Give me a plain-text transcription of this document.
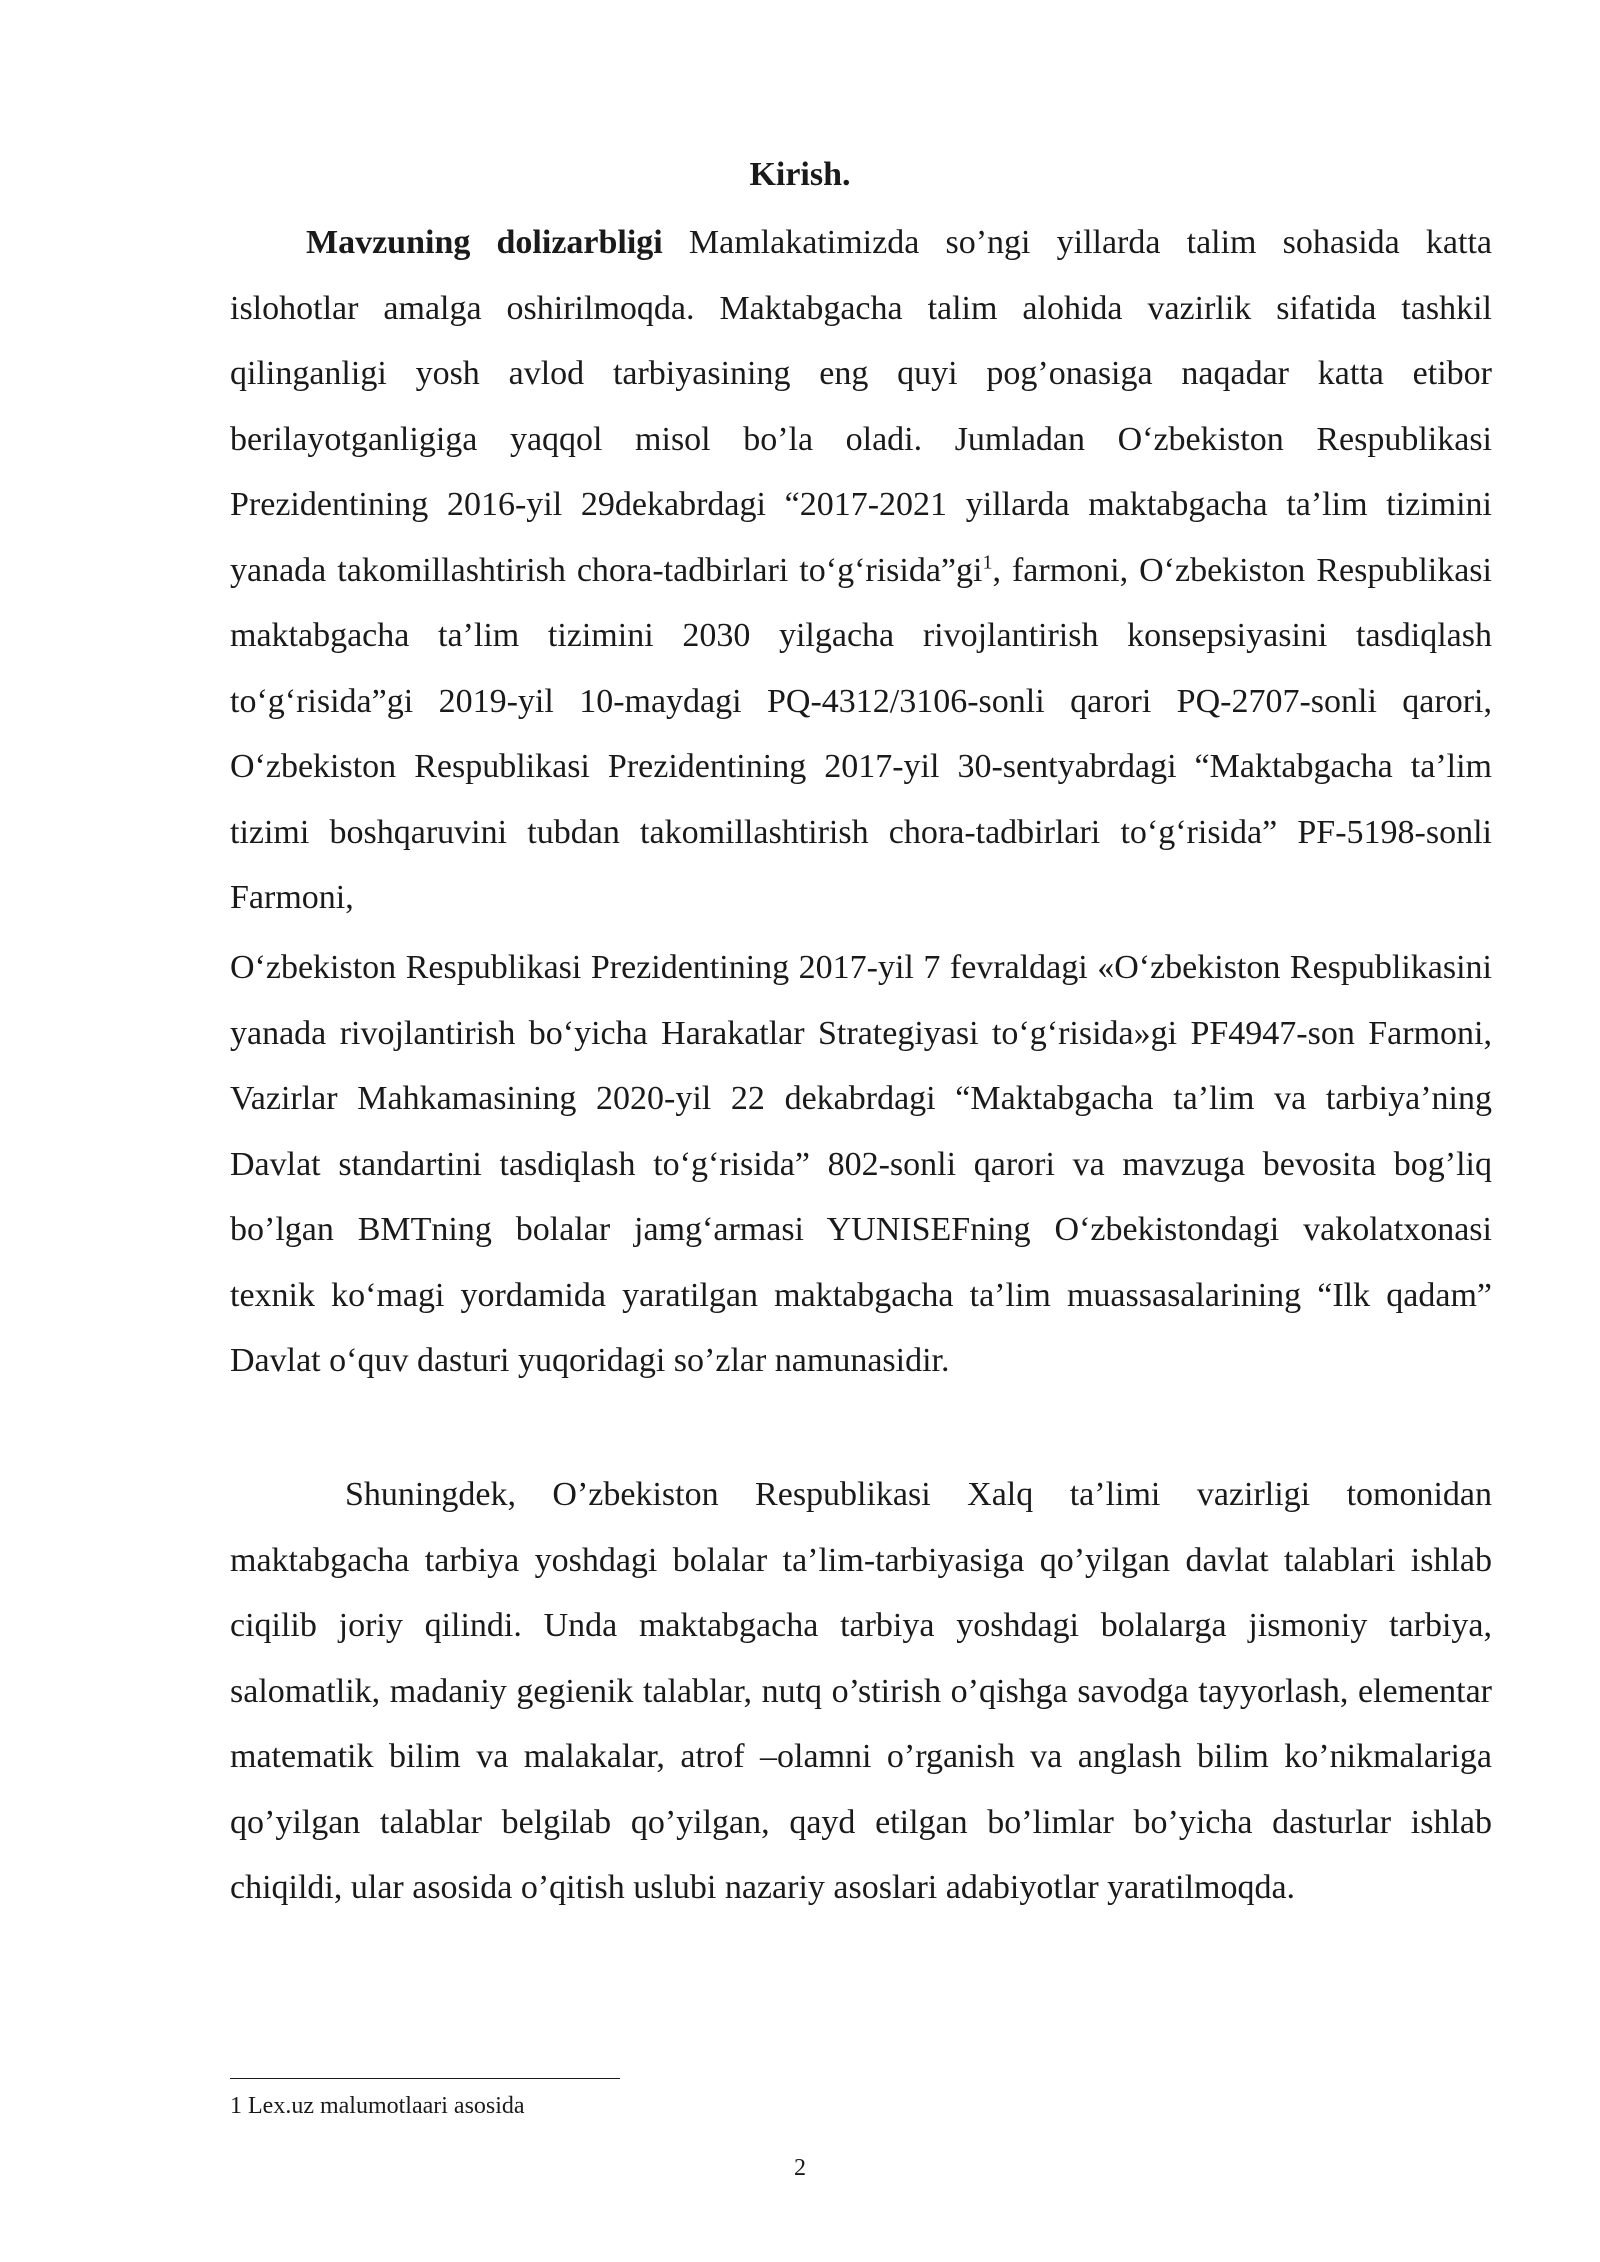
Kirish.

Mavzuning dolizarbligi Mamlakatimizda so’ngi yillarda talim sohasida katta islohotlar amalga oshirilmoqda. Maktabgacha talim alohida vazirlik sifatida tashkil qilinganligi yosh avlod tarbiyasining eng quyi pog’onasiga naqadar katta etibor berilayotganligiga yaqqol misol bo’la oladi. Jumladan O‘zbekiston Respublikasi Prezidentining 2016-yil 29dekabrdagi “2017-2021 yillarda maktabgacha ta’lim tizimini yanada takomillashtirish chora-tadbirlari $to‘g‘risida”gi^1$, farmoni, O‘zbekiston Respublikasi maktabgacha ta’lim tizimini 2030 yilgacha rivojlantirish konsepsiyasini tasdiqlash to‘g‘risida”gi 2019-yil 10-maydagi PQ-4312/3106-sonli qarori PQ-2707-sonli qarori, O‘zbekiston Respublikasi Prezidentining 2017-yil 30-sentyabrdagi “Maktabgacha ta’lim tizimi boshqaruvini tubdan takomillashtirish chora-tadbirlari to‘g‘risida” PF-5198-sonli Farmoni,

O‘zbekiston Respublikasi Prezidentining 2017-yil 7 fevraldagi «O‘zbekiston Respublikasini yanada rivojlantirish bo‘yicha Harakatlar Strategiyasi to‘g‘risida»gi PF4947-son Farmoni, Vazirlar Mahkamasining 2020-yil 22 dekabrdagi “Maktabgacha ta’lim va tarbiya’ning Davlat standartini tasdiqlash to‘g‘risida” 802-sonli qarori va mavzuga bevosita bog’liq bo’lgan BMTning bolalar jamg‘armasi YUNISEFning O‘zbekistondagi vakolatxonasi texnik ko‘magi yordamida yaratilgan maktabgacha ta’lim muassasalarining “Ilk qadam” Davlat o‘quv dasturi yuqoridagi so’zlar namunasidir.

Shuningdek, O’zbekiston Respublikasi Xalq ta’limi vazirligi tomonidan maktabgacha tarbiya yoshdagi bolalar ta’lim-tarbiyasiga qo’yilgan davlat talablari ishlab ciqilib joriy qilindi. Unda maktabgacha tarbiya yoshdagi bolalarga jismoniy tarbiya, salomatlik, madaniy gegienik talablar, nutq o’stirish o’qishga savodga tayyorlash, elementar matematik bilim va malakalar, atrof –olamni o’rganish va anglash bilim ko’nikmalariga qo’yilgan talablar belgilab qo’yilgan, qayd etilgan bo’limlar bo’yicha dasturlar ishlab chiqildi, ular asosida o’qitish uslubi nazariy asoslari adabiyotlar yaratilmoqda.

1 Lex.uz malumotlaari asosida

2
